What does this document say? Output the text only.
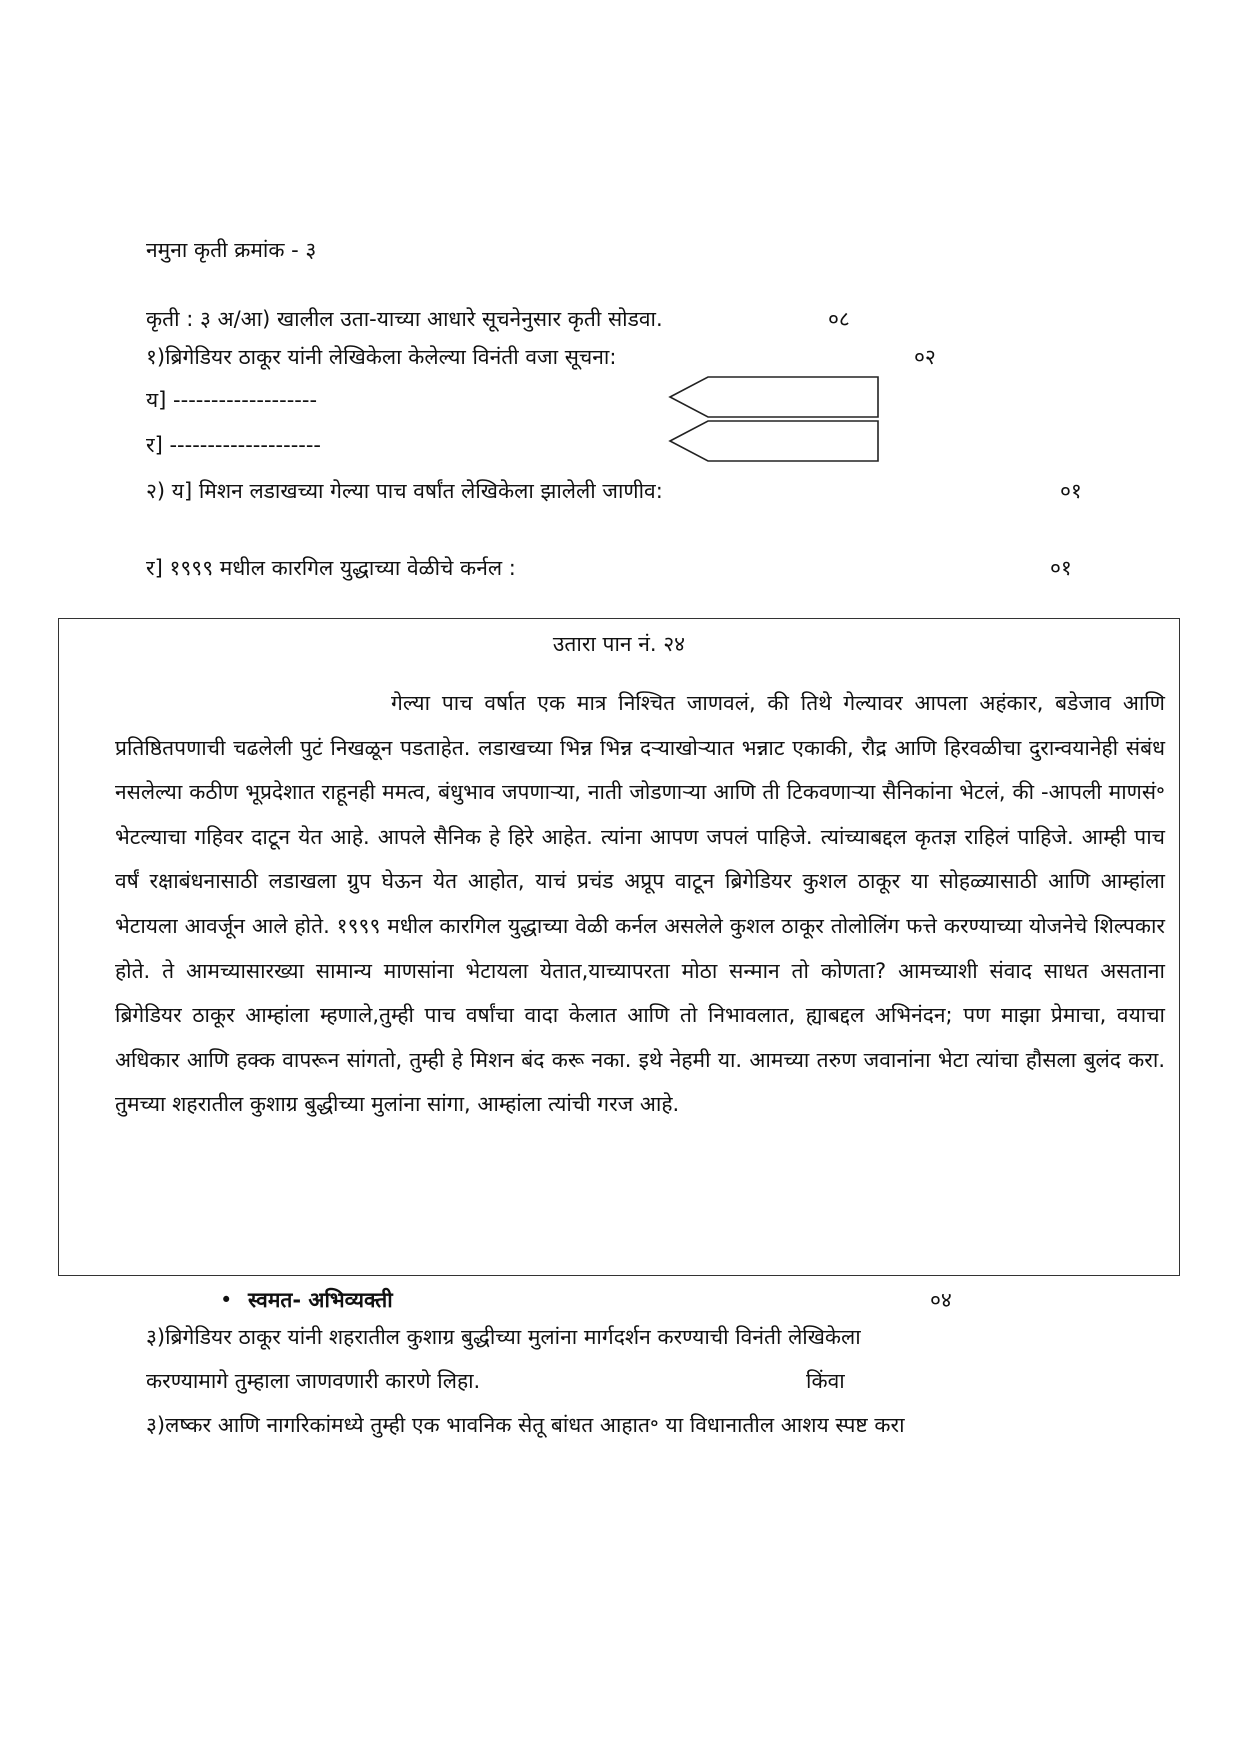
नमुना कृती क्रमांक - ३
कृती : ३ अ/आ) खालील उता-याच्या आधारे सूचनेनुसार कृती सोडवा.	०८
१)ब्रिगेडियर ठाकूर यांनी लेखिकेला केलेल्या विनंती वजा सूचना:	०२
य] -------------------
र] --------------------
२) य] मिशन लडाखच्या गेल्या पाच वर्षांत लेखिकेला झालेली जाणीव:	०१
र] १९९९ मधील कारगिल युद्धाच्या वेळीचे कर्नल :	०१
उतारा पान नं. २४
गेल्या पाच वर्षात एक मात्र निश्चित जाणवलं, की तिथे गेल्यावर आपला अहंकार, बडेजाव आणि प्रतिष्ठितपणाची चढलेली पुटं निखळून पडताहेत. लडाखच्या भिन्न भिन्न दऱ्याखोऱ्यात भन्नाट एकाकी, रौद्र आणि हिरवळीचा दुरान्वयानेही संबंध नसलेल्या कठीण भूप्रदेशात राहूनही ममत्व, बंधुभाव जपणाऱ्या, नाती जोडणाऱ्या आणि ती टिकवणाऱ्या सैनिकांना भेटलं, की -आपली माणसं॰ भेटल्याचा गहिवर दाटून येत आहे. आपले सैनिक हे हिरे आहेत. त्यांना आपण जपलं पाहिजे. त्यांच्याबद्दल कृतज्ञ राहिलं पाहिजे. आम्ही पाच वर्षं रक्षाबंधनासाठी लडाखला ग्रुप घेऊन येत आहोत, याचं प्रचंड अप्रूप वाटून ब्रिगेडियर कुशल ठाकूर या सोहळ्यासाठी आणि आम्हांला भेटायला आवर्जून आले होते. १९९९ मधील कारगिल युद्धाच्या वेळी कर्नल असलेले कुशल ठाकूर तोलोलिंग फत्ते करण्याच्या योजनेचे शिल्पकार होते. ते आमच्यासारख्या सामान्य माणसांना भेटायला येतात,याच्यापरता मोठा सन्मान तो कोणता? आमच्याशी संवाद साधत असताना ब्रिगेडियर ठाकूर आम्हांला म्हणाले,तुम्ही पाच वर्षांचा वादा केलात आणि तो निभावलात, ह्याबद्दल अभिनंदन; पण माझा प्रेमाचा, वयाचा अधिकार आणि हक्क वापरून सांगतो, तुम्ही हे मिशन बंद करू नका. इथे नेहमी या. आमच्या तरुण जवानांना भेटा त्यांचा हौसला बुलंद करा. तुमच्या शहरातील कुशाग्र बुद्धीच्या मुलांना सांगा, आम्हांला त्यांची गरज आहे.
• स्वमत- अभिव्यक्ती	०४
३)ब्रिगेडियर ठाकूर यांनी शहरातील कुशाग्र बुद्धीच्या मुलांना मार्गदर्शन करण्याची विनंती लेखिकेला
करण्यामागे तुम्हाला जाणवणारी कारणे लिहा.	किंवा
३)लष्कर आणि नागरिकांमध्ये तुम्ही एक भावनिक सेतू बांधत आहात॰ या विधानातील आशय स्पष्ट करा
